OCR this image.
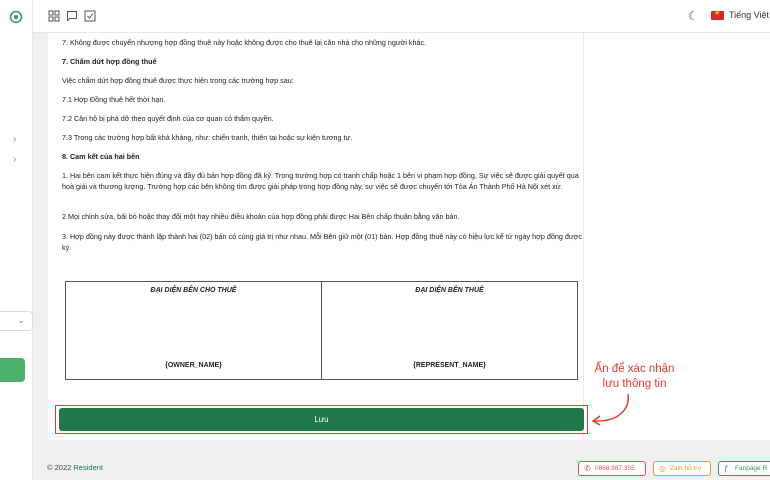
›
›
⌄
☾
★	Tiếng Việt

7. Không được chuyển nhượng hợp đồng thuê này hoặc không được cho thuê lại căn nhà cho những người khác.

7. Chấm dứt hợp đồng thuê

Việc chấm dứt hợp đồng thuê được thực hiện trong các trường hợp sau:

7.1 Hợp Đồng thuê hết thời hạn.

7.2 Căn hộ bị phá dỡ theo quyết định của cơ quan có thẩm quyền.

7.3 Trong các trường hợp bất khả kháng, như: chiến tranh, thiên tai hoặc sự kiện tương tự.

8. Cam kết của hai bên

1. Hai bên cam kết thực hiện đúng và đầy đủ bản hợp đồng đã ký. Trong trường hợp có tranh chấp hoặc 1 bên vi phạm hợp đồng, Sự việc sẽ được giải quyết qua hoà giải và thương lượng. Trường hợp các bên không tìm được giải pháp trong hợp đồng này, sự việc sẽ được chuyển tới Tòa Án Thành Phố Hà Nội xét xử.

2 Mọi chỉnh sửa, bãi bỏ hoặc thay đổi một hay nhiều điều khoản của hợp đồng phải được Hai Bên chấp thuận bằng văn bản.

3. Hợp đồng này được thành lập thành hai (02) bản có cùng giá trị như nhau. Mỗi Bên giữ một (01) bản. Hợp đồng thuê này có hiệu lực kể từ ngày hợp đồng được ký.

ĐẠI DIỆN BÊN CHO THUÊ
{OWNER_NAME}
ĐẠI DIỆN BÊN THUÊ
{REPRESENT_NAME}	Ấn để xác nhận
lưu thông tin
Lưu
© 2022 Resident	✆ 0868.987.355	◎ Zalo hỗ trợ	ƒ Fanpage R
